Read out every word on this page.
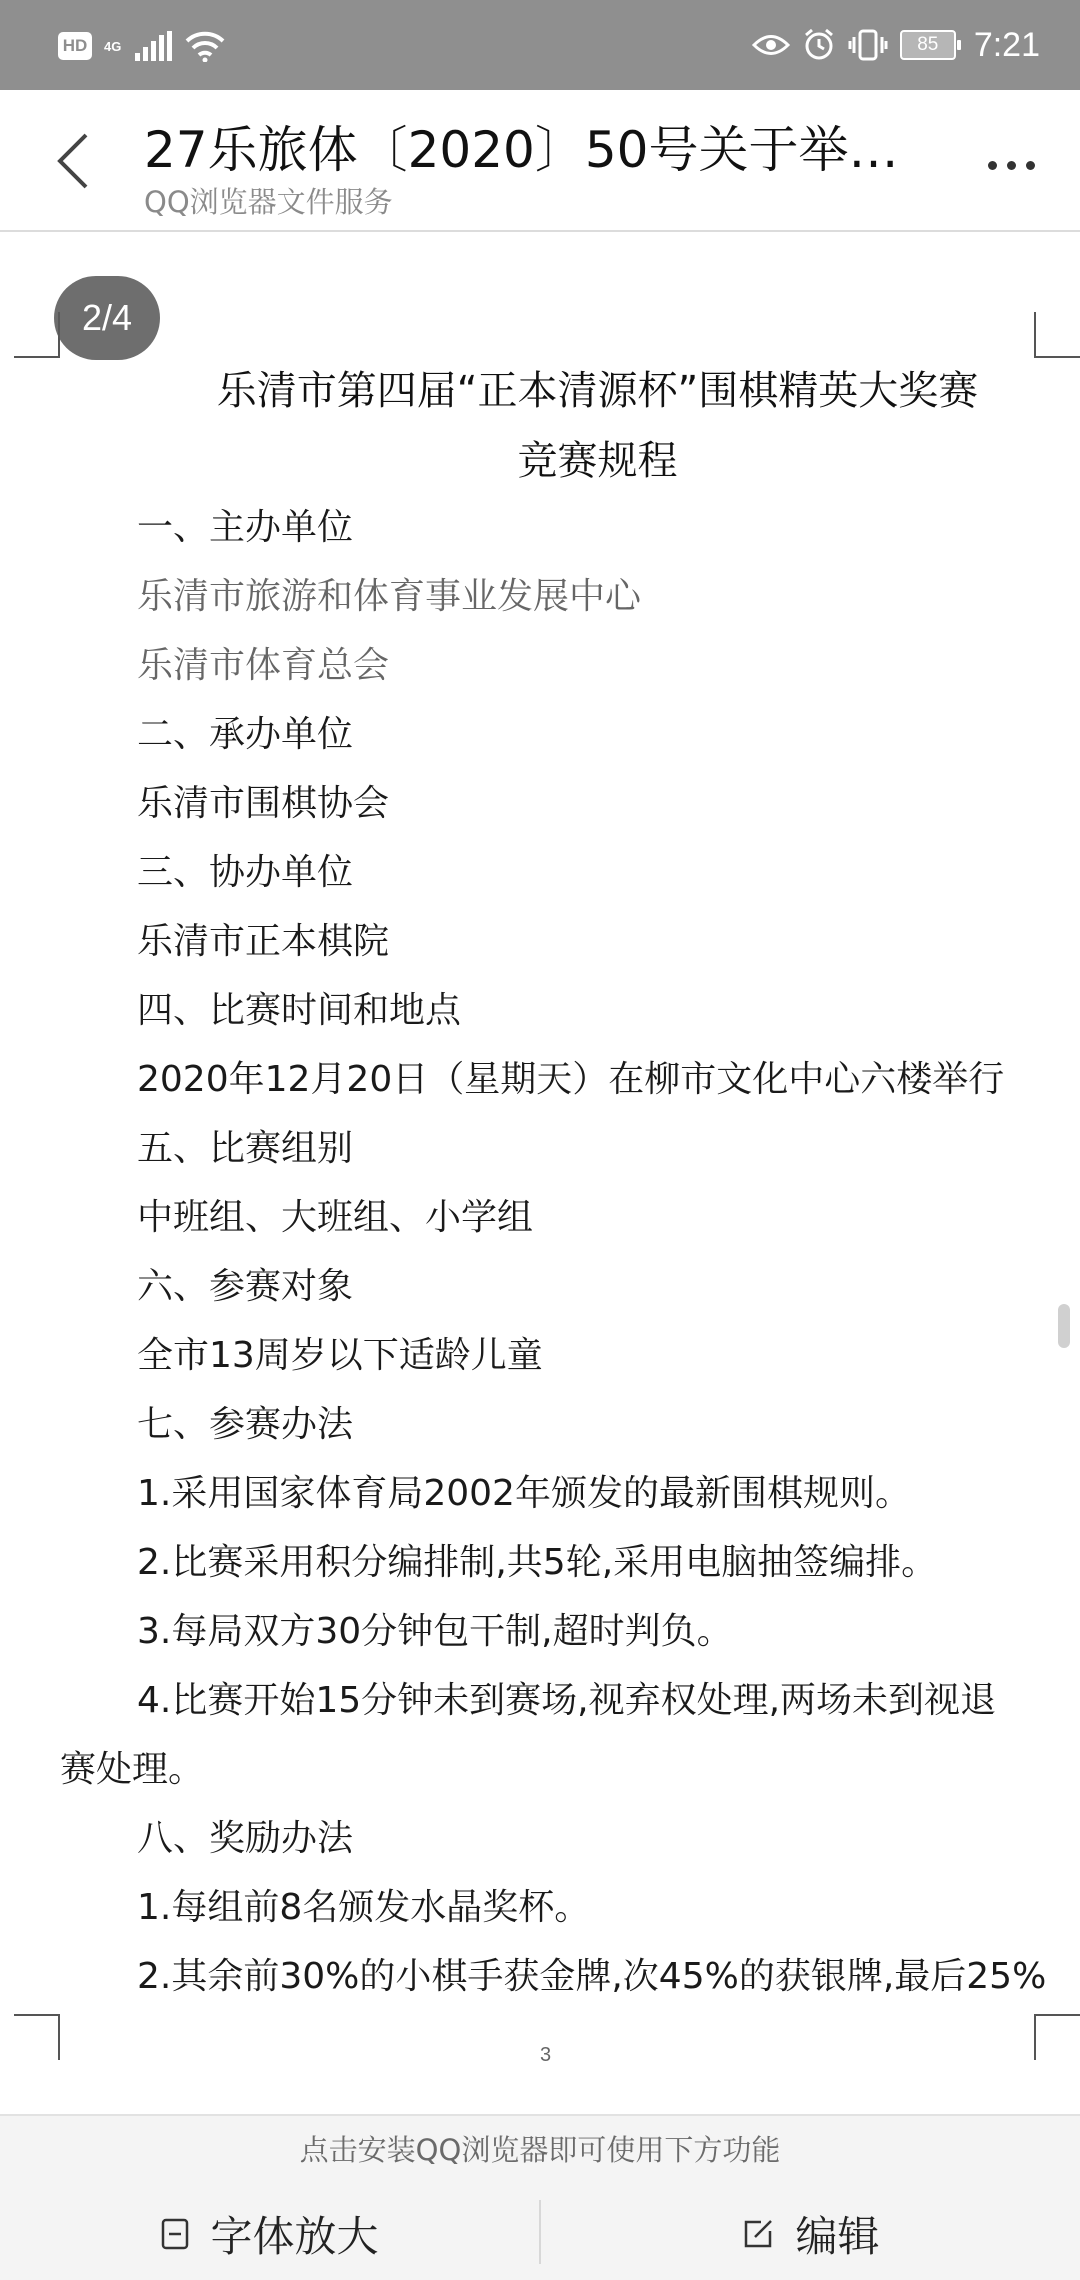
HD	4G	85	7:21
27乐旅体〔2020〕50号关于举…
QQ浏览器文件服务
2/4
乐清市第四届“正本清源杯”围棋精英大奖赛
竞赛规程
一、主办单位
乐清市旅游和体育事业发展中心
乐清市体育总会
二、承办单位
乐清市围棋协会
三、协办单位
乐清市正本棋院
四、比赛时间和地点
2020年12月20日（星期天）在柳市文化中心六楼举行
五、比赛组别
中班组、大班组、小学组
六、参赛对象
全市13周岁以下适龄儿童
七、参赛办法
1.采用国家体育局2002年颁发的最新围棋规则。
2.比赛采用积分编排制,共5轮,采用电脑抽签编排。
3.每局双方30分钟包干制,超时判负。
4.比赛开始15分钟未到赛场,视弃权处理,两场未到视退
赛处理。
八、奖励办法
1.每组前8名颁发水晶奖杯。
2.其余前30%的小棋手获金牌,次45%的获银牌,最后25%
3
点击安装QQ浏览器即可使用下方功能
字体放大	编辑
